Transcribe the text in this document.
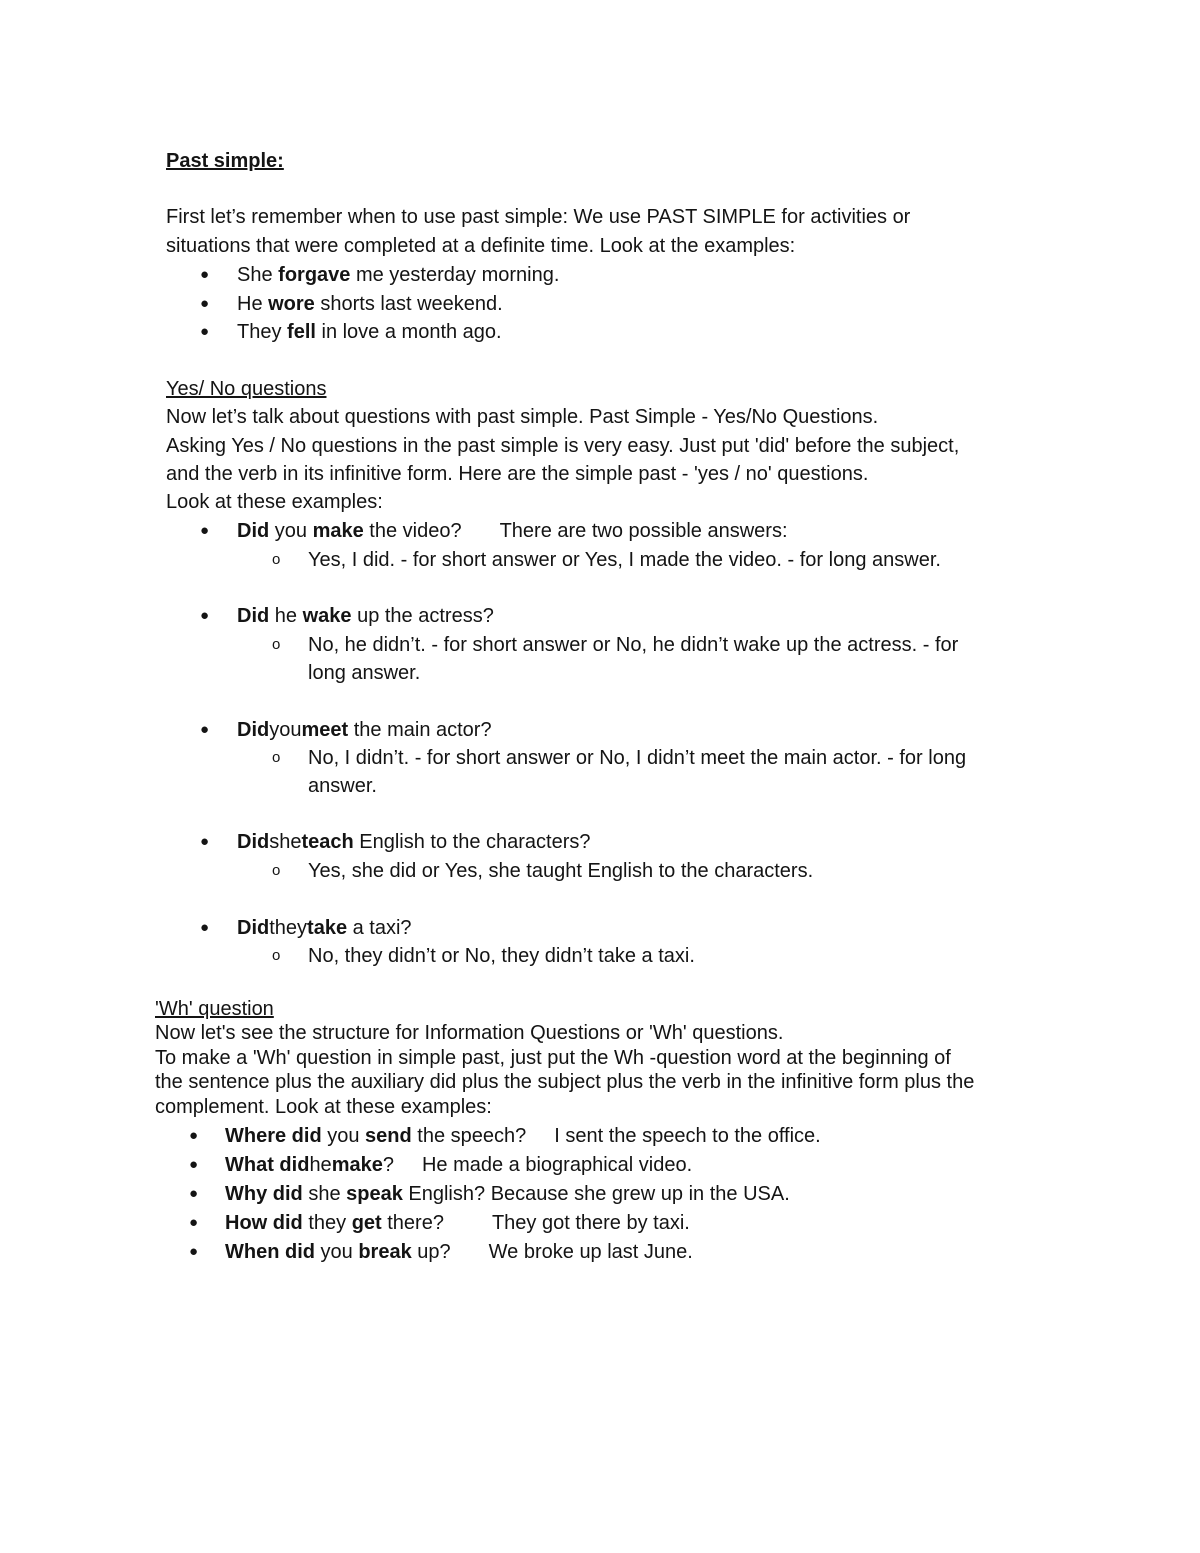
Past simple:
First let’s remember when to use past simple: We use PAST SIMPLE for activities or
situations that were completed at a definite time. Look at the examples:
● She forgave me yesterday morning.
● He wore shorts last weekend.
● They fell in love a month ago.
Yes/ No questions
Now let’s talk about questions with past simple. Past Simple - Yes/No Questions.
Asking Yes / No questions in the past simple is very easy. Just put 'did' before the subject,
and the verb in its infinitive form. Here are the simple past - 'yes / no' questions.
Look at these examples:
● Did you make the video? There are two possible answers:
o Yes, I did. - for short answer or Yes, I made the video. - for long answer.
● Did he wake up the actress?
o No, he didn’t. - for short answer or No, he didn’t wake up the actress. - for
long answer.
● Didyoumeet the main actor?
o No, I didn’t. - for short answer or No, I didn’t meet the main actor. - for long
answer.
● Didsheteach English to the characters?
o Yes, she did or Yes, she taught English to the characters.
● Didtheytake a taxi?
o No, they didn’t or No, they didn’t take a taxi.
'Wh' question
Now let's see the structure for Information Questions or 'Wh' questions.
To make a 'Wh' question in simple past, just put the Wh -question word at the beginning of
the sentence plus the auxiliary did plus the subject plus the verb in the infinitive form plus the
complement. Look at these examples:
● Where did you send the speech? I sent the speech to the office.
● What didhemake? He made a biographical video.
● Why did she speak English? Because she grew up in the USA.
● How did they get there? They got there by taxi.
● When did you break up? We broke up last June.
